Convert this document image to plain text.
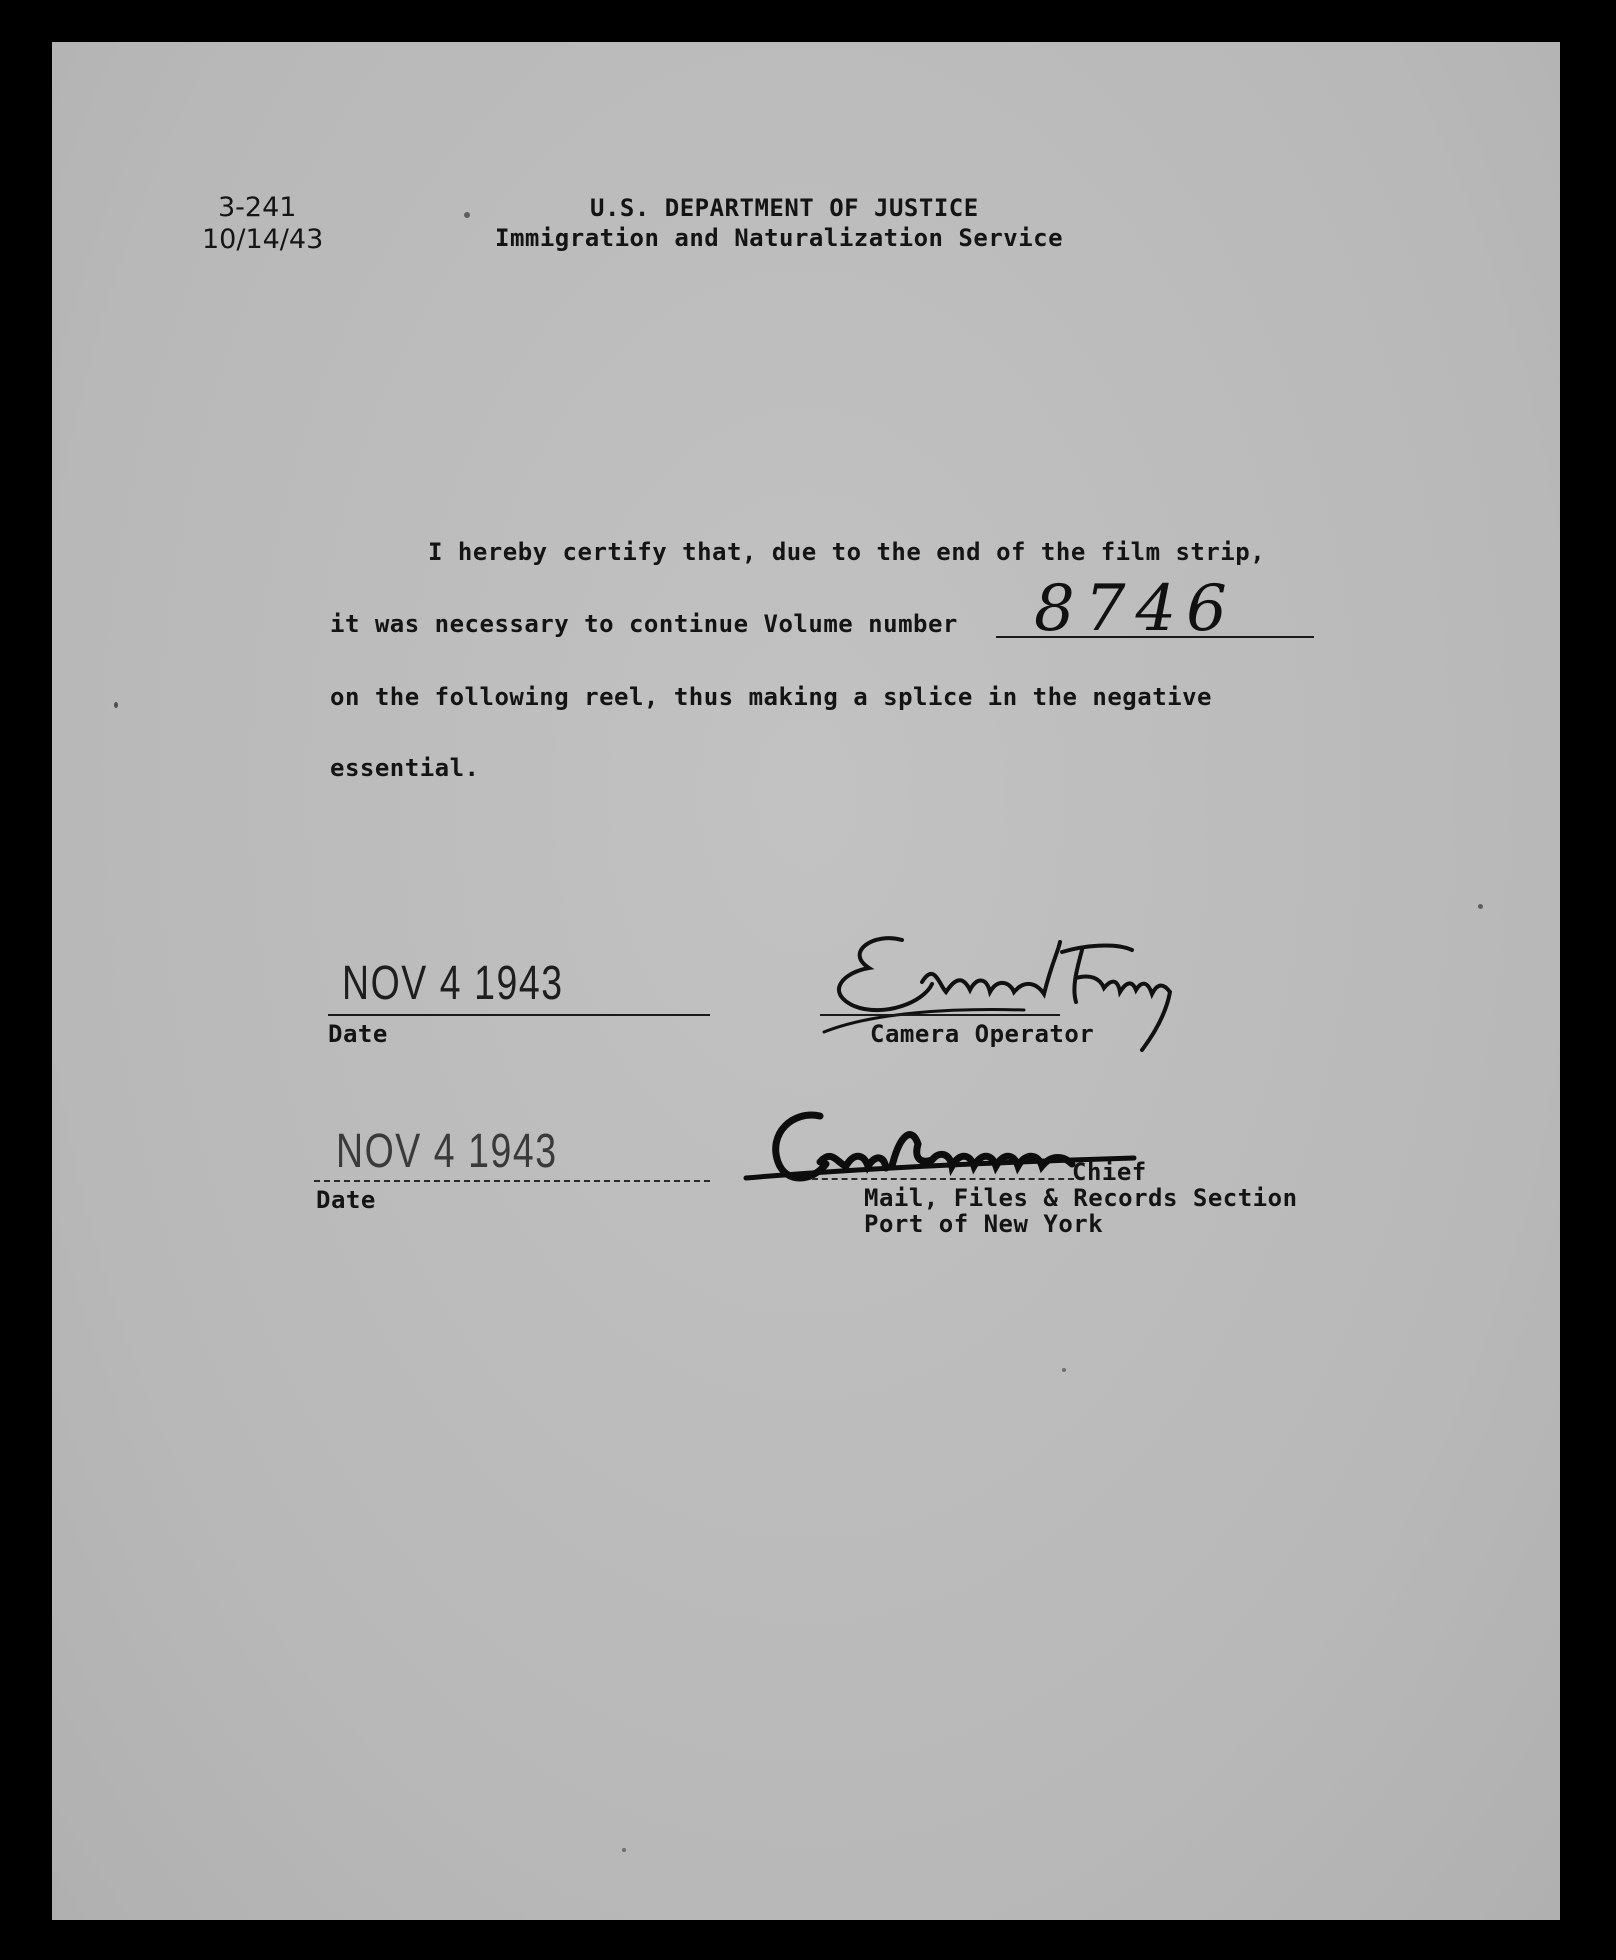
3-241
10/14/43
U.S. DEPARTMENT OF JUSTICE
Immigration and Naturalization Service
I hereby certify that, due to the end of the film strip,
it was necessary to continue Volume number 8746
on the following reel, thus making a splice in the negative
essential.
NOV 4 1943
Date	Camera Operator
NOV 4 1943
Date
Chief
Mail, Files & Records Section
Port of New York
